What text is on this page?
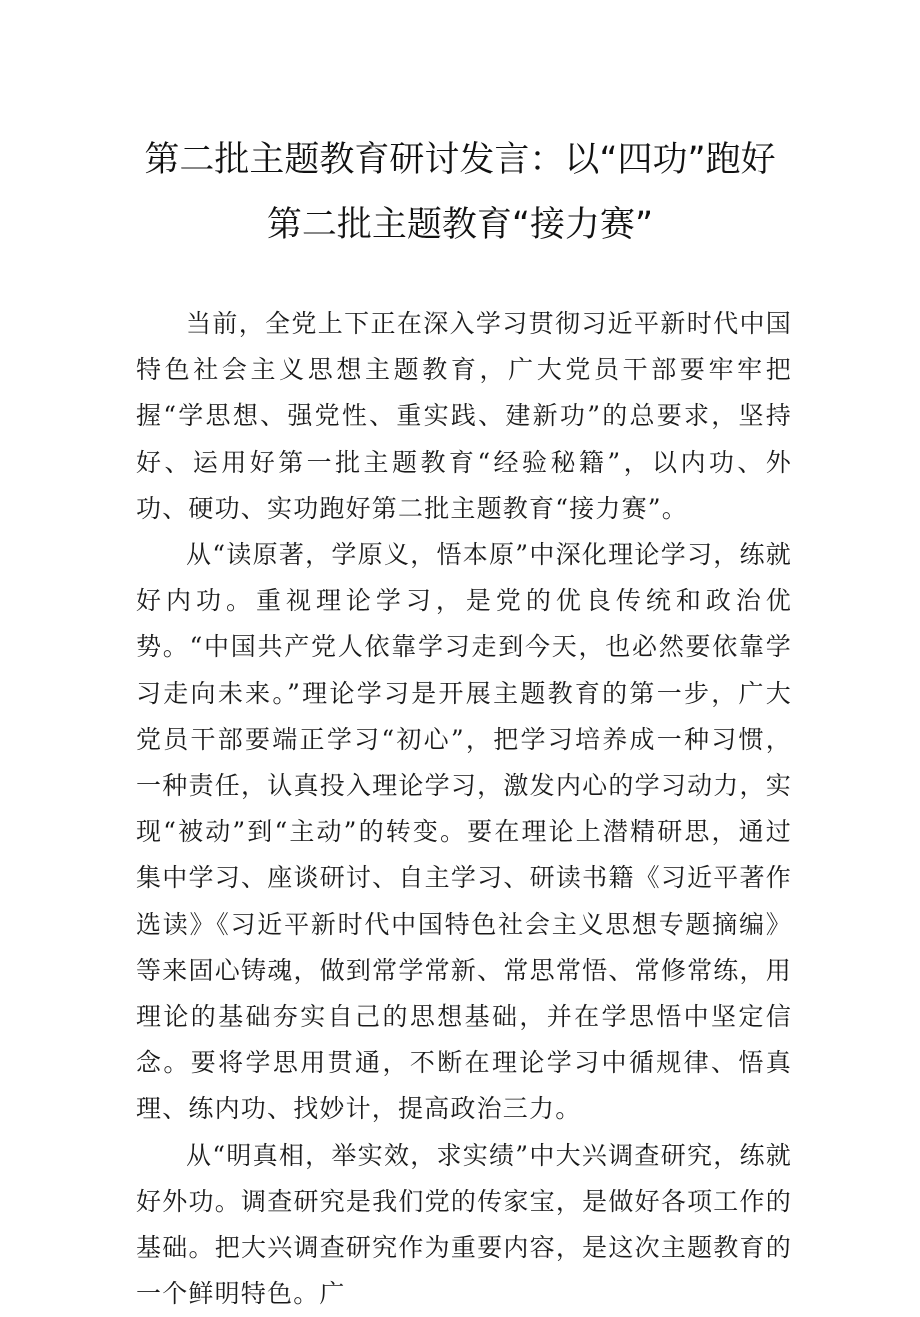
第二批主题教育研讨发言：以“四功”跑好
第二批主题教育“接力赛”

当前，全党上下正在深入学习贯彻习近平新时代中国特色社会主义思想主题教育，广大党员干部要牢牢把握“学思想、强党性、重实践、建新功”的总要求，坚持好、运用好第一批主题教育“经验秘籍”，以内功、外功、硬功、实功跑好第二批主题教育“接力赛”。

从“读原著，学原义，悟本原”中深化理论学习，练就好内功。重视理论学习，是党的优良传统和政治优势。“中国共产党人依靠学习走到今天，也必然要依靠学习走向未来。”理论学习是开展主题教育的第一步，广大党员干部要端正学习“初心”，把学习培养成一种习惯，一种责任，认真投入理论学习，激发内心的学习动力，实现“被动”到“主动”的转变。要在理论上潜精研思，通过集中学习、座谈研讨、自主学习、研读书籍《习近平著作选读》《习近平新时代中国特色社会主义思想专题摘编》等来固心铸魂，做到常学常新、常思常悟、常修常练，用理论的基础夯实自己的思想基础，并在学思悟中坚定信念。要将学思用贯通，不断在理论学习中循规律、悟真理、练内功、找妙计，提高政治三力。

从“明真相，举实效，求实绩”中大兴调查研究，练就好外功。调查研究是我们党的传家宝，是做好各项工作的基础。把大兴调查研究作为重要内容，是这次主题教育的一个鲜明特色。广
